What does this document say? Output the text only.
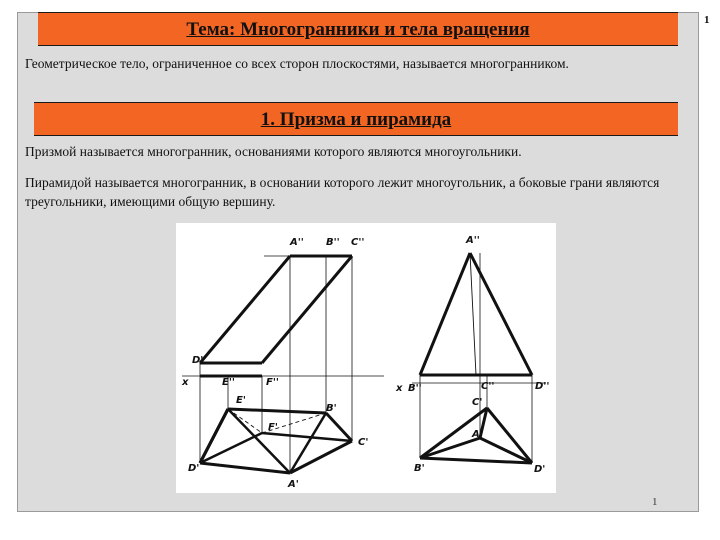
1
Тема: Многогранники и тела вращения
Геометрическое тело, ограниченное со всех сторон плоскостями, называется многогранником.
1. Призма и пирамида
Призмой называется многогранник, основаниями которого являются многоугольники.
Пирамидой называется многогранник, в основании которого лежит многоугольник, а боковые грани являются треугольники, имеющими общую вершину.
A'' B'' C''
D''
x	E''	F''
E'
F'
B'
C'
D'
A'
A''
x B''	C''	D''
C'
A'
B'	D'
1
